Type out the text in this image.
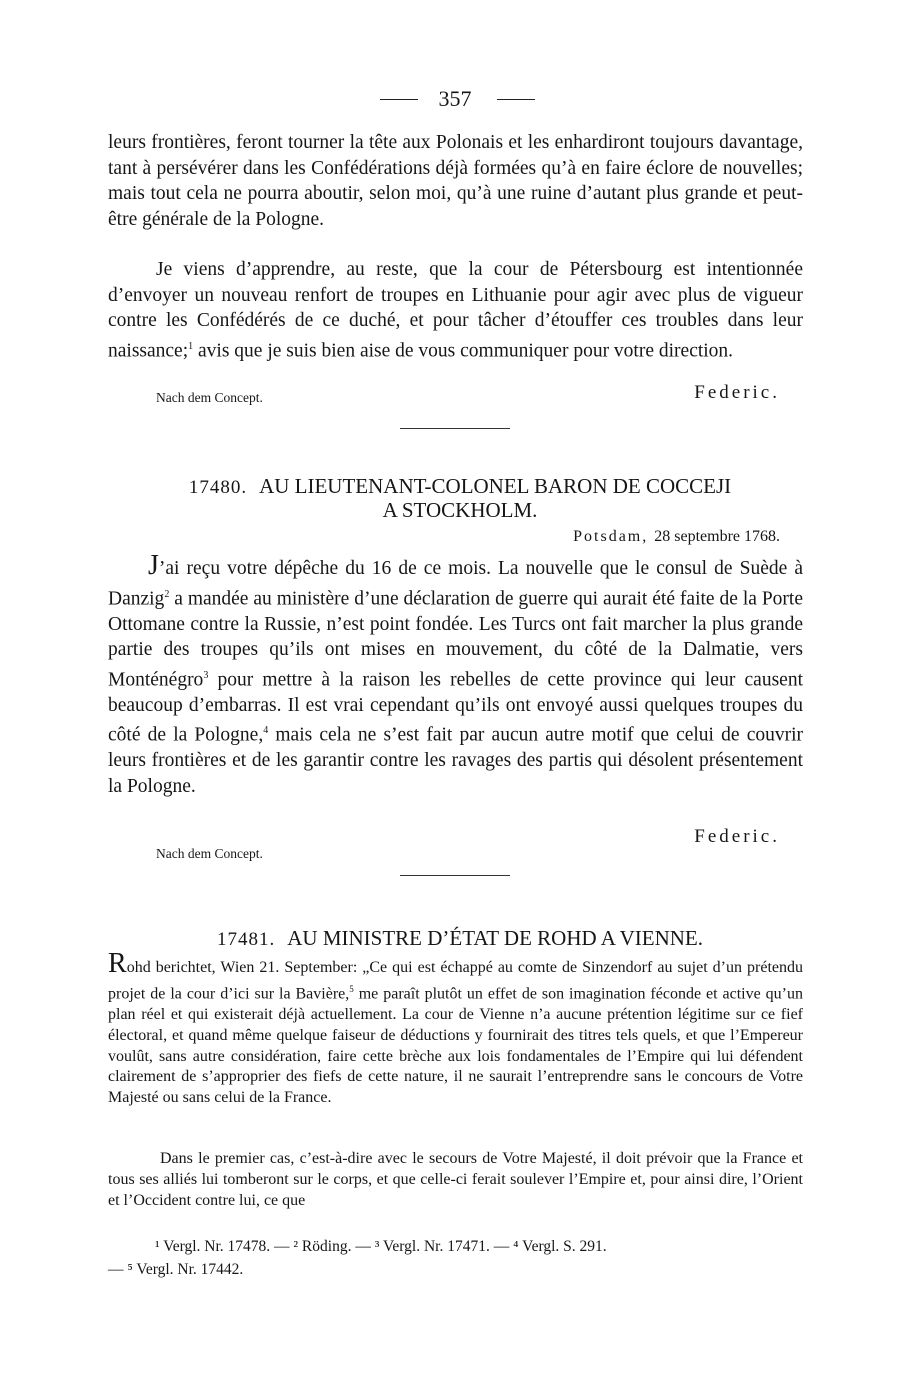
357

leurs frontières, feront tourner la tête aux Polonais et les enhardiront toujours davantage, tant à persévérer dans les Confédérations déjà formées qu’à en faire éclore de nouvelles; mais tout cela ne pourra aboutir, selon moi, qu’à une ruine d’autant plus grande et peut-être générale de la Pologne.

Je viens d’apprendre, au reste, que la cour de Pétersbourg est intentionnée d’envoyer un nouveau renfort de troupes en Lithuanie pour agir avec plus de vigueur contre les Confédérés de ce duché, et pour tâcher d’étouffer ces troubles dans leur naissance;$^1$ avis que je suis bien aise de vous communiquer pour votre direction.

Nach dem Concept.	Federic.
17480. AU LIEUTENANT-COLONEL BARON DE COCCEJI
A STOCKHOLM.
Potsdam, 28 septembre 1768.

J’ai reçu votre dépêche du 16 de ce mois. La nouvelle que le consul de Suède à Danzig$^2$ a mandée au ministère d’une déclaration de guerre qui aurait été faite de la Porte Ottomane contre la Russie, n’est point fondée. Les Turcs ont fait marcher la plus grande partie des troupes qu’ils ont mises en mouvement, du côté de la Dalmatie, vers Monténégro$^3$ pour mettre à la raison les rebelles de cette province qui leur causent beaucoup d’embarras. Il est vrai cependant qu’ils ont envoyé aussi quelques troupes du côté de la Pologne,$^4$ mais cela ne s’est fait par aucun autre motif que celui de couvrir leurs frontières et de les garantir contre les ravages des partis qui désolent présentement la Pologne.

Federic.
Nach dem Concept.
17481. AU MINISTRE D’ÉTAT DE ROHD A VIENNE.

Rohd berichtet, Wien 21. September: „Ce qui est échappé au comte de Sinzendorf au sujet d’un prétendu projet de la cour d’ici sur la Bavière,$^5$ me paraît plutôt un effet de son imagination féconde et active qu’un plan réel et qui existerait déjà actuellement. La cour de Vienne n’a aucune prétention légitime sur ce fief électoral, et quand même quelque faiseur de déductions y fournirait des titres tels quels, et que l’Empereur voulût, sans autre considération, faire cette brèche aux lois fondamentales de l’Empire qui lui défendent clairement de s’approprier des fiefs de cette nature, il ne saurait l’entreprendre sans le concours de Votre Majesté ou sans celui de la France.

Dans le premier cas, c’est-à-dire avec le secours de Votre Majesté, il doit prévoir que la France et tous ses alliés lui tomberont sur le corps, et que celle-ci ferait soulever l’Empire et, pour ainsi dire, l’Orient et l’Occident contre lui, ce que

¹ Vergl. Nr. 17478. — ² Röding. — ³ Vergl. Nr. 17471. — ⁴ Vergl. S. 291.
— ⁵ Vergl. Nr. 17442.
